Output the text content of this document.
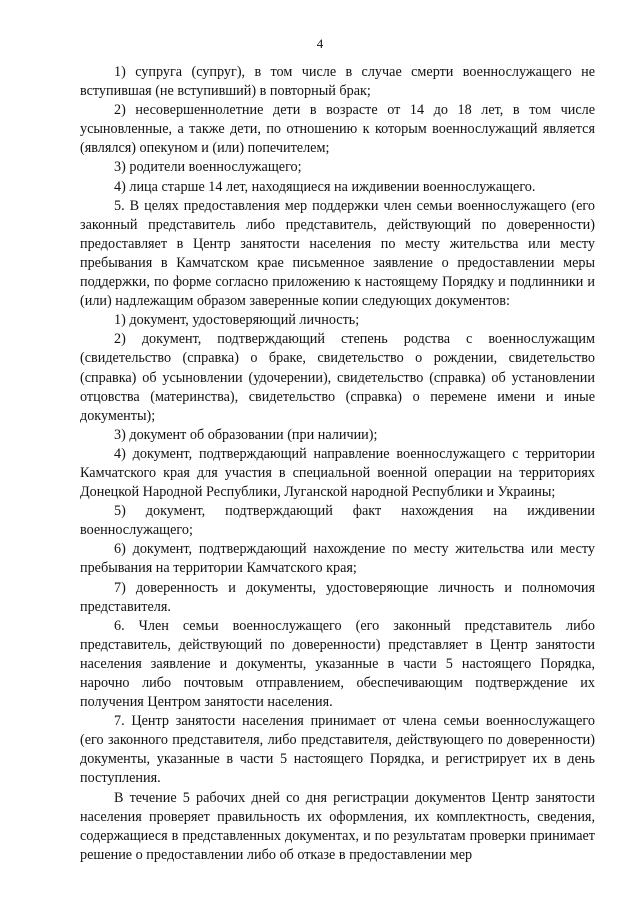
4

1) супруга (супруг), в том числе в случае смерти военнослужащего не вступившая (не вступивший) в повторный брак;

2) несовершеннолетние дети в возрасте от 14 до 18 лет, в том числе усыновленные, а также дети, по отношению к которым военнослужащий является (являлся) опекуном и (или) попечителем;

3) родители военнослужащего;

4) лица старше 14 лет, находящиеся на иждивении военнослужащего.

5. В целях предоставления мер поддержки член семьи военнослужащего (его законный представитель либо представитель, действующий по доверенности) предоставляет в Центр занятости населения по месту жительства или месту пребывания в Камчатском крае письменное заявление о предоставлении меры поддержки, по форме согласно приложению к настоящему Порядку и подлинники и (или) надлежащим образом заверенные копии следующих документов:

1) документ, удостоверяющий личность;

2) документ, подтверждающий степень родства с военнослужащим (свидетельство (справка) о браке, свидетельство о рождении, свидетельство (справка) об усыновлении (удочерении), свидетельство (справка) об установлении отцовства (материнства), свидетельство (справка) о перемене имени и иные документы);

3) документ об образовании (при наличии);

4) документ, подтверждающий направление военнослужащего с территории Камчатского края для участия в специальной военной операции на территориях Донецкой Народной Республики, Луганской народной Республики и Украины;

5) документ, подтверждающий факт нахождения на иждивении военнослужащего;

6) документ, подтверждающий нахождение по месту жительства или месту пребывания на территории Камчатского края;

7) доверенность и документы, удостоверяющие личность и полномочия представителя.

6. Член семьи военнослужащего (его законный представитель либо представитель, действующий по доверенности) представляет в Центр занятости населения заявление и документы, указанные в части 5 настоящего Порядка, нарочно либо почтовым отправлением, обеспечивающим подтверждение их получения Центром занятости населения.

7. Центр занятости населения принимает от члена семьи военнослужащего (его законного представителя, либо представителя, действующего по доверенности) документы, указанные в части 5 настоящего Порядка, и регистрирует их в день поступления.

В течение 5 рабочих дней со дня регистрации документов Центр занятости населения проверяет правильность их оформления, их комплектность, сведения, содержащиеся в представленных документах, и по результатам проверки принимает решение о предоставлении либо об отказе в предоставлении мер
